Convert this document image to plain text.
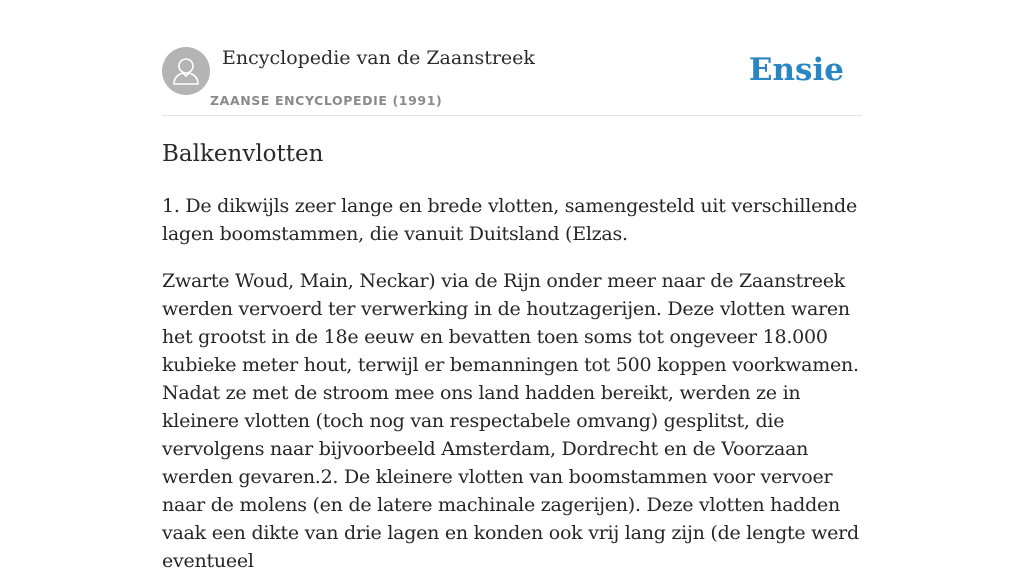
Encyclopedie van de Zaanstreek
ZAANSE ENCYCLOPEDIE (1991)
Ensie
Balkenvlotten

1. De dikwijls zeer lange en brede vlotten, samengesteld uit verschillende lagen boomstammen, die vanuit Duitsland (Elzas.

Zwarte Woud, Main, Neckar) via de Rijn onder meer naar de Zaanstreek werden vervoerd ter verwerking in de houtzagerijen. Deze vlotten waren het grootst in de 18e eeuw en bevatten toen soms tot ongeveer 18.000 kubieke meter hout, terwijl er bemanningen tot 500 koppen voorkwamen. Nadat ze met de stroom mee ons land hadden bereikt, werden ze in kleinere vlotten (toch nog van respectabele omvang) gesplitst, die vervolgens naar bijvoorbeeld Amsterdam, Dordrecht en de Voorzaan werden gevaren.2. De kleinere vlotten van boomstammen voor vervoer naar de molens (en de latere machinale zagerijen). Deze vlotten hadden vaak een dikte van drie lagen en konden ook vrij lang zijn (de lengte werd eventueel
